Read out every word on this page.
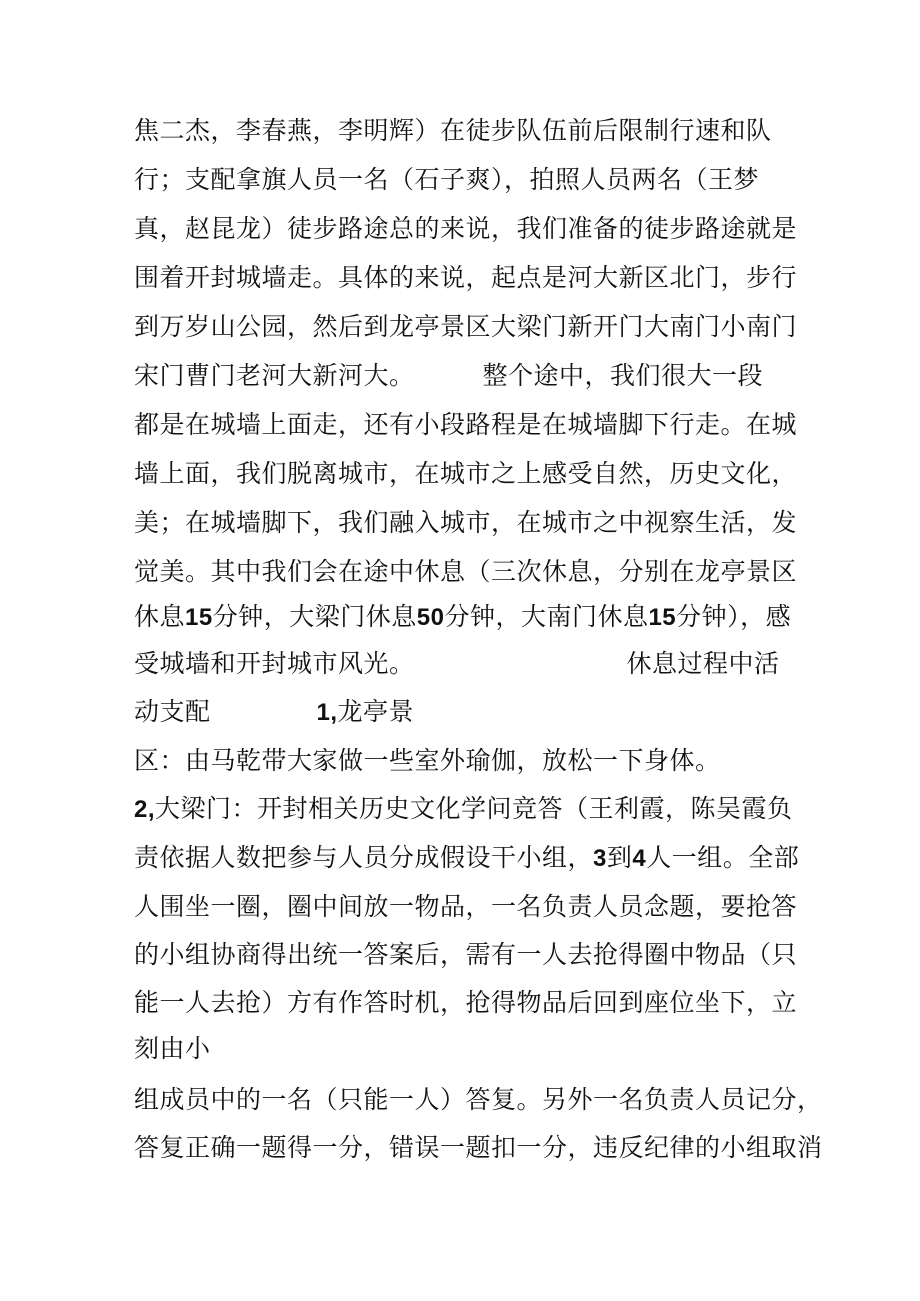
焦二杰，李春燕，李明辉）在徒步队伍前后限制行速和队
行；支配拿旗人员一名（石子爽），拍照人员两名（王梦
真，赵昆龙）徒步路途总的来说，我们准备的徒步路途就是
围着开封城墙走。具体的来说，起点是河大新区北门，步行
到万岁山公园，然后到龙亭景区大梁门新开门大南门小南门
宋门曹门老河大新河大。	整个途中，我们很大一段
都是在城墙上面走，还有小段路程是在城墙脚下行走。在城
墙上面，我们脱离城市，在城市之上感受自然，历史文化，
美；在城墙脚下，我们融入城市，在城市之中视察生活，发
觉美。其中我们会在途中休息（三次休息，分别在龙亭景区
休息15分钟，大梁门休息50分钟，大南门休息15分钟），感
受城墙和开封城市风光。	休息过程中活
动支配	1,龙亭景
区：由马乾带大家做一些室外瑜伽，放松一下身体。
2,大梁门：开封相关历史文化学问竞答（王利霞，陈吴霞负
责依据人数把参与人员分成假设干小组，3到4人一组。全部
人围坐一圈，圈中间放一物品，一名负责人员念题，要抢答
的小组协商得出统一答案后，需有一人去抢得圈中物品（只
能一人去抢）方有作答时机，抢得物品后回到座位坐下，立
刻由小
组成员中的一名（只能一人）答复。另外一名负责人员记分，
答复正确一题得一分，错误一题扣一分，违反纪律的小组取消
